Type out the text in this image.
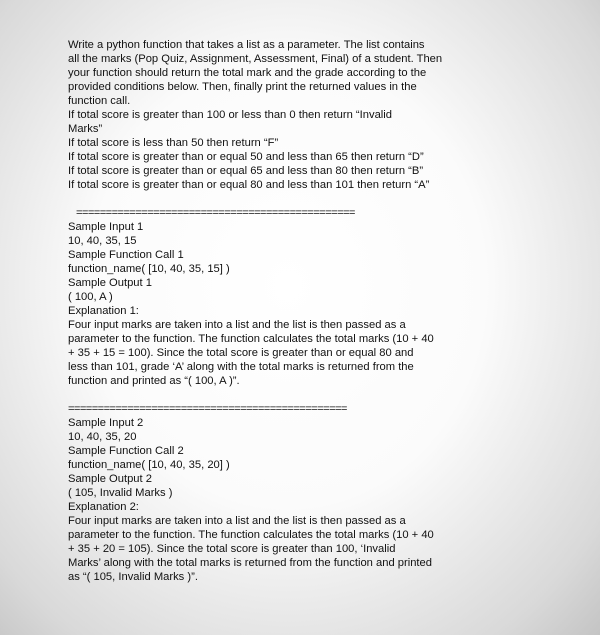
Write a python function that takes a list as a parameter. The list contains
all the marks (Pop Quiz, Assignment, Assessment, Final) of a student. Then
your function should return the total mark and the grade according to the
provided conditions below. Then, finally print the returned values in the
function call.
If total score is greater than 100 or less than 0 then return “Invalid
Marks”
If total score is less than 50 then return “F”
If total score is greater than or equal 50 and less than 65 then return “D”
If total score is greater than or equal 65 and less than 80 then return “B”
If total score is greater than or equal 80 and less than 101 then return “A”
===============================================
Sample Input 1
10, 40, 35, 15
Sample Function Call 1
function_name( [10, 40, 35, 15] )
Sample Output 1
( 100, A )
Explanation 1:
Four input marks are taken into a list and the list is then passed as a
parameter to the function. The function calculates the total marks (10 + 40
+ 35 + 15 = 100). Since the total score is greater than or equal 80 and
less than 101, grade ‘A’ along with the total marks is returned from the
function and printed as “( 100, A )”.
===============================================
Sample Input 2
10, 40, 35, 20
Sample Function Call 2
function_name( [10, 40, 35, 20] )
Sample Output 2
( 105, Invalid Marks )
Explanation 2:
Four input marks are taken into a list and the list is then passed as a
parameter to the function. The function calculates the total marks (10 + 40
+ 35 + 20 = 105). Since the total score is greater than 100, ‘Invalid
Marks’ along with the total marks is returned from the function and printed
as “( 105, Invalid Marks )”.
